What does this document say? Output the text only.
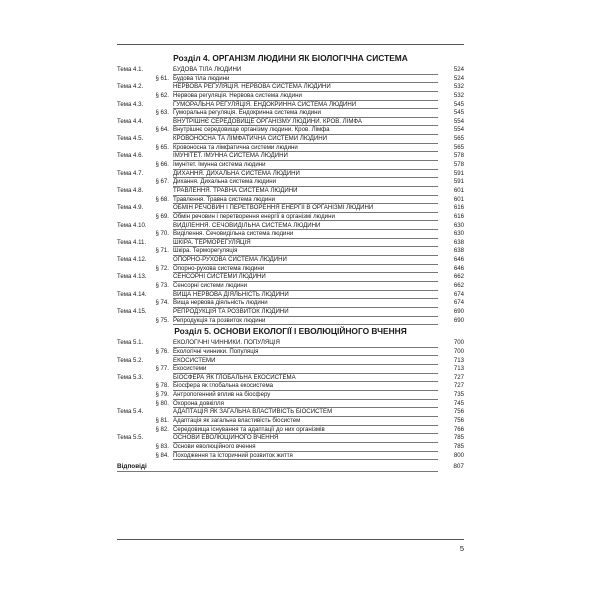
Розділ 4. ОРГАНІЗМ ЛЮДИНИ ЯК БІОЛОГІЧНА СИСТЕМА
Тема 4.1.	БУДОВА ТІЛА ЛЮДИНИ	524
§ 61. Будова тіла людини	524
Тема 4.2.	НЕРВОВА РЕГУЛЯЦІЯ. НЕРВОВА СИСТЕМА ЛЮДИНИ	532
§ 62. Нервова регуляція. Нервова система людини	532
Тема 4.3.	ГУМОРАЛЬНА РЕГУЛЯЦІЯ. ЕНДОКРИННА СИСТЕМА ЛЮДИНИ	545
§ 63. Гуморальна регуляція. Ендокринна система людини	545
Тема 4.4.	ВНУТРІШНЄ СЕРЕДОВИЩЕ ОРГАНІЗМУ ЛЮДИНИ. КРОВ. ЛІМФА	554
§ 64. Внутрішнє середовище організму людини. Кров. Лімфа	554
Тема 4.5.	КРОВОНОСНА ТА ЛІМФАТИЧНА СИСТЕМИ ЛЮДИНИ	565
§ 65. Кровоносна та лімфатична системи людини	565
Тема 4.6.	ІМУНІТЕТ. ІМУННА СИСТЕМА ЛЮДИНИ	578
§ 66. Імунітет. Імунна система людини	578
Тема 4.7.	ДИХАННЯ. ДИХАЛЬНА СИСТЕМА ЛЮДИНИ	591
§ 67. Дихання. Дихальна система людини	591
Тема 4.8.	ТРАВЛЕННЯ. ТРАВНА СИСТЕМА ЛЮДИНИ	601
§ 68. Травлення. Травна система людини	601
Тема 4.9.	ОБМІН РЕЧОВИН І ПЕРЕТВОРЕННЯ ЕНЕРГІЇ В ОРГАНІЗМІ ЛЮДИНИ	616
§ 69. Обмін речовин і перетворення енергії в організмі людини	616
Тема 4.10.	ВИДІЛЕННЯ. СЕЧОВИДІЛЬНА СИСТЕМА ЛЮДИНИ	630
§ 70. Виділення. Сечовидільна система людини	630
Тема 4.11.	ШКІРА. ТЕРМОРЕГУЛЯЦІЯ	638
§ 71. Шкіра. Терморегуляція	638
Тема 4.12.	ОПОРНО-РУХОВА СИСТЕМА ЛЮДИНИ	646
§ 72. Опорно-рухова система людини	646
Тема 4.13.	СЕНСОРНІ СИСТЕМИ ЛЮДИНИ	662
§ 73. Сенсорні системи людини	662
Тема 4.14.	ВИЩА НЕРВОВА ДІЯЛЬНІСТЬ ЛЮДИНИ	674
§ 74. Вища нервова діяльність людини	674
Тема 4.15.	РЕПРОДУКЦІЯ ТА РОЗВИТОК ЛЮДИНИ	690
§ 75. Репродукція та розвиток людини	690
Розділ 5. ОСНОВИ ЕКОЛОГІЇ І ЕВОЛЮЦІЙНОГО ВЧЕННЯ
Тема 5.1.	ЕКОЛОГІЧНІ ЧИННИКИ. ПОПУЛЯЦІЯ	700
§ 76. Екологічні чинники. Популяція	700
Тема 5.2.	ЕКОСИСТЕМИ	713
§ 77. Екосистеми	713
Тема 5.3.	БІОСФЕРА ЯК ГЛОБАЛЬНА ЕКОСИСТЕМА	727
§ 78. Біосфера як глобальна екосистема	727
§ 79. Антропогенний вплив на біосферу	735
§ 80. Охорона довкілля	745
Тема 5.4.	АДАПТАЦІЯ ЯК ЗАГАЛЬНА ВЛАСТИВІСТЬ БІОСИСТЕМ	756
§ 81. Адаптація як загальна властивість біосистем	756
§ 82. Середовища існування та адаптації до них організмів	766
Тема 5.5.	ОСНОВИ ЕВОЛЮЦІЙНОГО ВЧЕННЯ	785
§ 83. Основи еволюційного вчення	785
§ 84. Походження та історичний розвиток життя	800
Відповіді	807
5
